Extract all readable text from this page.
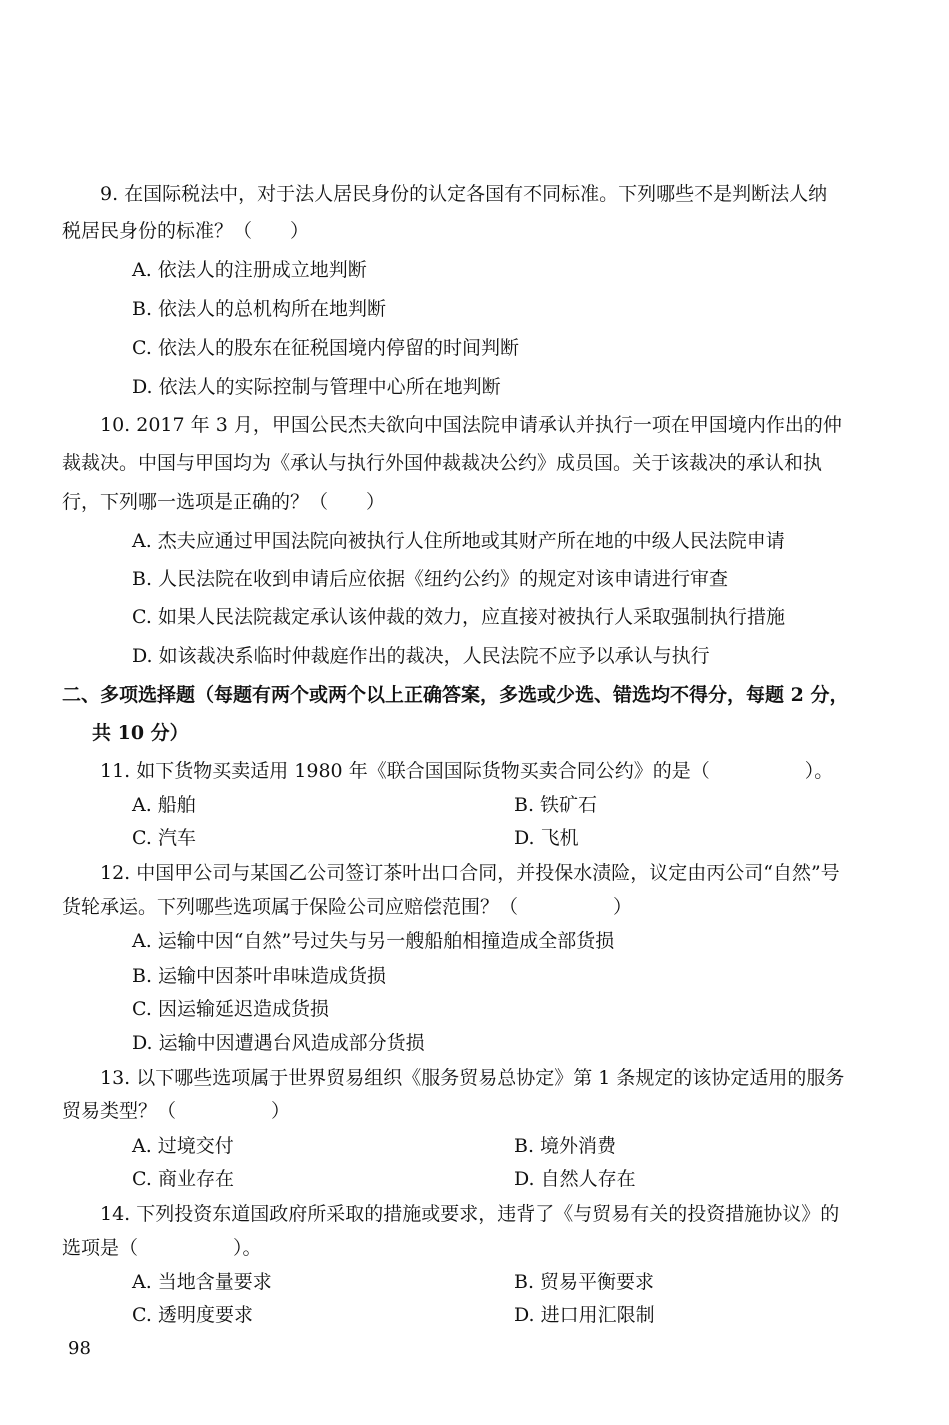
9. 在国际税法中，对于法人居民身份的认定各国有不同标准。下列哪些不是判断法人纳
税居民身份的标准？（　　）
A. 依法人的注册成立地判断
B. 依法人的总机构所在地判断
C. 依法人的股东在征税国境内停留的时间判断
D. 依法人的实际控制与管理中心所在地判断
10. 2017 年 3 月，甲国公民杰夫欲向中国法院申请承认并执行一项在甲国境内作出的仲
裁裁决。中国与甲国均为《承认与执行外国仲裁裁决公约》成员国。关于该裁决的承认和执
行，下列哪一选项是正确的？（　　）
A. 杰夫应通过甲国法院向被执行人住所地或其财产所在地的中级人民法院申请
B. 人民法院在收到申请后应依据《纽约公约》的规定对该申请进行审查
C. 如果人民法院裁定承认该仲裁的效力，应直接对被执行人采取强制执行措施
D. 如该裁决系临时仲裁庭作出的裁决，人民法院不应予以承认与执行
二、多项选择题（每题有两个或两个以上正确答案，多选或少选、错选均不得分，每题 2 分，
共 10 分）
11. 如下货物买卖适用 1980 年《联合国国际货物买卖合同公约》的是（　　　　　）。
A. 船舶	B. 铁矿石
C. 汽车	D. 飞机
12. 中国甲公司与某国乙公司签订茶叶出口合同，并投保水渍险，议定由丙公司“自然”号
货轮承运。下列哪些选项属于保险公司应赔偿范围？（　　　　　）
A. 运输中因“自然”号过失与另一艘船舶相撞造成全部货损
B. 运输中因茶叶串味造成货损
C. 因运输延迟造成货损
D. 运输中因遭遇台风造成部分货损
13. 以下哪些选项属于世界贸易组织《服务贸易总协定》第 1 条规定的该协定适用的服务
贸易类型？（　　　　　）
A. 过境交付	B. 境外消费
C. 商业存在	D. 自然人存在
14. 下列投资东道国政府所采取的措施或要求，违背了《与贸易有关的投资措施协议》的
选项是（　　　　　）。
A. 当地含量要求	B. 贸易平衡要求
C. 透明度要求	D. 进口用汇限制
98
